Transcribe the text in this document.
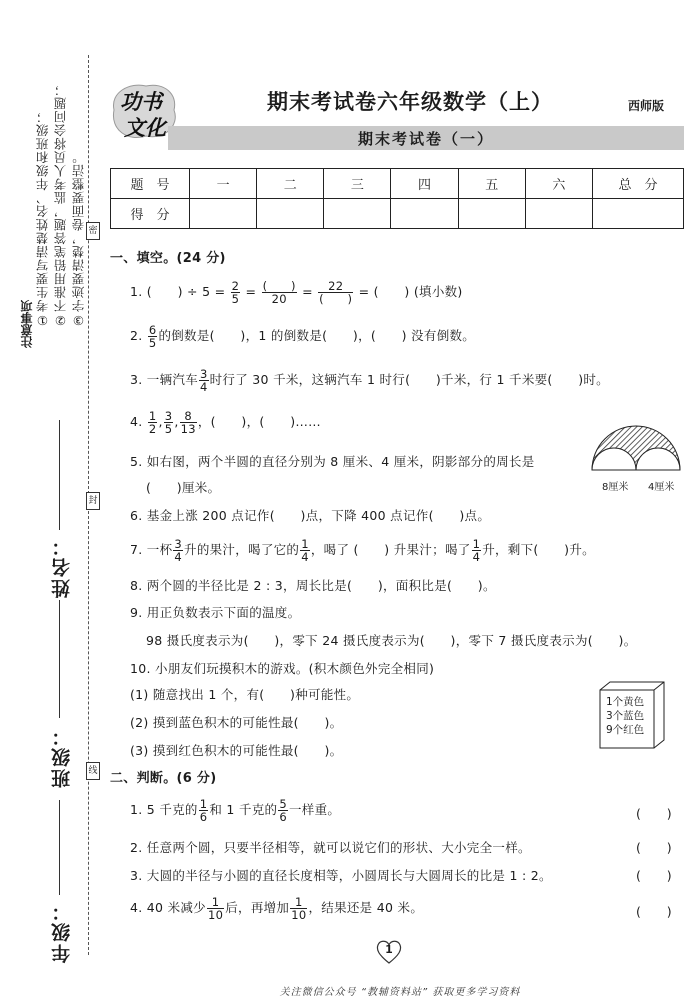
①考生要写清楚姓名、年级和班级； ②不准用铅笔答题，监考人员将会问题； ③字迹要清楚，卷面要整洁。
注意事项
密
封
线
姓名：
班级：
年级：
功书
文化
期末考试卷六年级数学（上）	西师版
期末考试卷（一）
题　号	一	二	三	四	五	六	总　分
得　分							
一、填空。(24 分)
1. (　　) ÷ $5 = \frac{2}{5} = \frac{( )}{20} = \frac{22}{( )}$ = (　　) (填小数)
2. $\frac{6}{5}$ 的倒数是(　　)，1 的倒数是(　　)，(　　) 没有倒数。
3. 一辆汽车 $\frac{3}{4}$ 时行了 30 千米，这辆汽车 1 时行(　　)千米，行 1 千米要(　　)时。
4. $\frac{1}{2}$ , $\frac{3}{5}$ , $\frac{8}{13}$ ，(　　)，(　　)……
5. 如右图，两个半圆的直径分别为 8 厘米、4 厘米，阴影部分的周长是
(　　)厘米。	8厘米 4厘米
6. 基金上涨 200 点记作(　　)点，下降 400 点记作(　　)点。
7. 一杯 $\frac{3}{4}$ 升的果汁，喝了它的 $\frac{1}{4}$ ，喝了 (　　) 升果汁；喝了 $\frac{1}{4}$ 升，剩下(　　)升。
8. 两个圆的半径比是 2 : 3，周长比是(　　)，面积比是(　　)。
9. 用正负数表示下面的温度。
98 摄氏度表示为(　　)，零下 24 摄氏度表示为(　　)，零下 7 摄氏度表示为(　　)。
10. 小朋友们玩摸积木的游戏。(积木颜色外完全相同)
(1) 随意找出 1 个，有(　　)种可能性。
(2) 摸到蓝色积木的可能性最(　　)。
(3) 摸到红色积木的可能性最(　　)。
1个黄色
3个蓝色
9个红色
二、判断。(6 分)
1. 5 千克的 $\frac{1}{6}$ 和 1 千克的 $\frac{5}{6}$ 一样重。	(　　)
2. 任意两个圆，只要半径相等，就可以说它们的形状、大小完全一样。	(　　)
3. 大圆的半径与小圆的直径长度相等，小圆周长与大圆周长的比是 1 : 2。	(　　)
4. 40 米减少 $\frac{1}{10}$ 后，再增加 $\frac{1}{10}$ ，结果还是 40 米。	(　　)
1
关注微信公众号 “教辅资料站” 获取更多学习资料
